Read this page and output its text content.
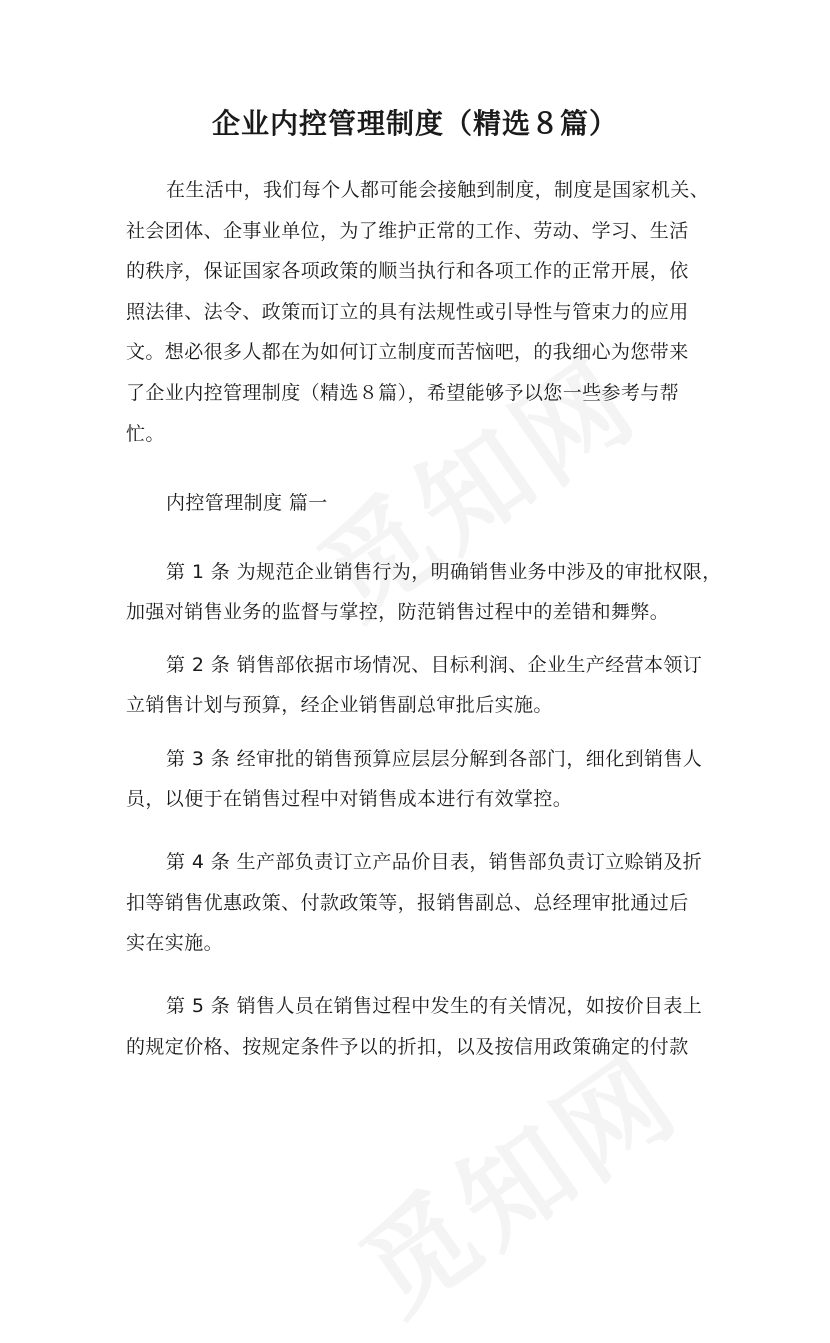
企业内控管理制度（精选８篇）
在生活中，我们每个人都可能会接触到制度，制度是国家机关、
社会团体、企事业单位，为了维护正常的工作、劳动、学习、生活
的秩序，保证国家各项政策的顺当执行和各项工作的正常开展，依
照法律、法令、政策而订立的具有法规性或引导性与管束力的应用
文。想必很多人都在为如何订立制度而苦恼吧，的我细心为您带来
了企业内控管理制度（精选８篇），希望能够予以您一些参考与帮
忙。
内控管理制度 篇一
第 1 条 为规范企业销售行为，明确销售业务中涉及的审批权限，
加强对销售业务的监督与掌控，防范销售过程中的差错和舞弊。
第 2 条 销售部依据市场情况、目标利润、企业生产经营本领订
立销售计划与预算，经企业销售副总审批后实施。
第 3 条 经审批的销售预算应层层分解到各部门，细化到销售人
员，以便于在销售过程中对销售成本进行有效掌控。
第 4 条 生产部负责订立产品价目表，销售部负责订立赊销及折
扣等销售优惠政策、付款政策等，报销售副总、总经理审批通过后
实在实施。
第 5 条 销售人员在销售过程中发生的有关情况，如按价目表上
的规定价格、按规定条件予以的折扣，以及按信用政策确定的付款
